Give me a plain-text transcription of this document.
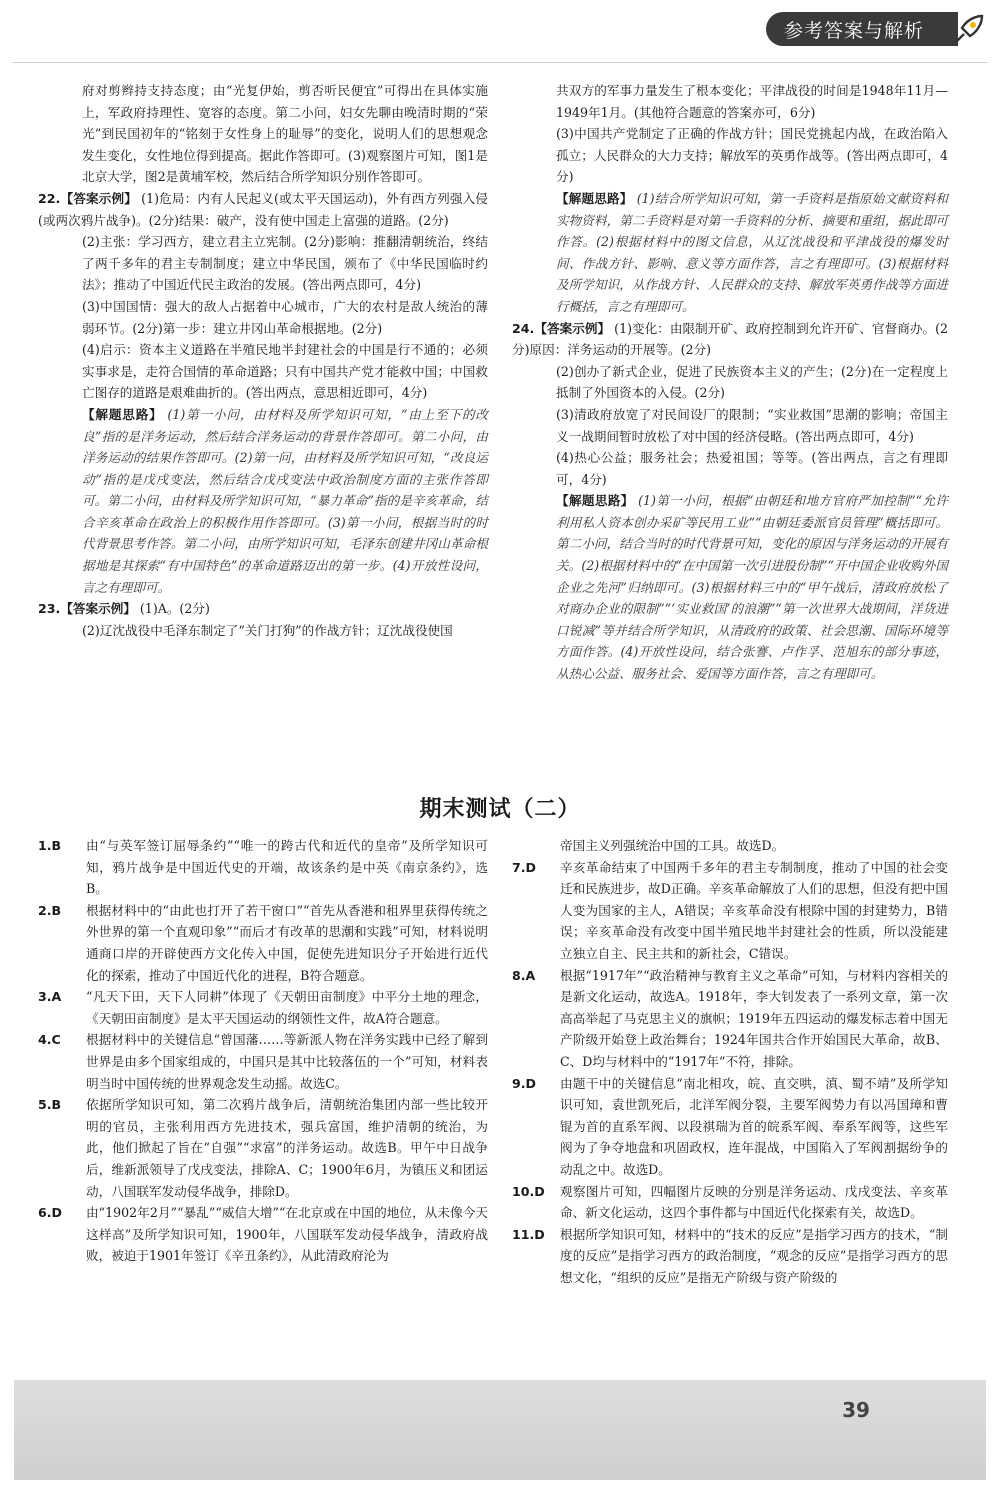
参考答案与解析

府对剪辫持支持态度；由“光复伊始，剪否听民便宜”可得出在具体实施上，军政府持理性、宽容的态度。第二小问，妇女先聊由晚清时期的“荣光”到民国初年的“铭刻于女性身上的耻辱”的变化，说明人们的思想观念发生变化，女性地位得到提高。据此作答即可。(3)观察图片可知，图1是北京大学，图2是黄埔军校，然后结合所学知识分别作答即可。

22.【答案示例】 (1)危局：内有人民起义(或太平天国运动)，外有西方列强入侵(或两次鸦片战争)。(2分)结果：破产，没有使中国走上富强的道路。(2分)

(2)主张：学习西方，建立君主立宪制。(2分)影响：推翻清朝统治，终结了两千多年的君主专制制度；建立中华民国，颁布了《中华民国临时约法》；推动了中国近代民主政治的发展。(答出两点即可，4分)

(3)中国国情：强大的敌人占据着中心城市，广大的农村是敌人统治的薄弱环节。(2分)第一步：建立井冈山革命根据地。(2分)

(4)启示：资本主义道路在半殖民地半封建社会的中国是行不通的；必须实事求是，走符合国情的革命道路；只有中国共产党才能救中国；中国救亡图存的道路是艰难曲折的。(答出两点，意思相近即可，4分)

【解题思路】 (1)第一小问，由材料及所学知识可知，“由上至下的改良”指的是洋务运动，然后结合洋务运动的背景作答即可。第二小问，由洋务运动的结果作答即可。(2)第一问，由材料及所学知识可知，“改良运动”指的是戊戌变法，然后结合戊戌变法中政治制度方面的主张作答即可。第二小问，由材料及所学知识可知，“暴力革命”指的是辛亥革命，结合辛亥革命在政治上的积极作用作答即可。(3)第一小问，根据当时的时代背景思考作答。第二小问，由所学知识可知，毛泽东创建井冈山革命根据地是其探索“有中国特色”的革命道路迈出的第一步。(4)开放性设问，言之有理即可。

23.【答案示例】 (1)A。(2分)

(2)辽沈战役中毛泽东制定了“关门打狗”的作战方针；辽沈战役使国

共双方的军事力量发生了根本变化；平津战役的时间是1948年11月—1949年1月。(其他符合题意的答案亦可，6分)

(3)中国共产党制定了正确的作战方针；国民党挑起内战，在政治陷入孤立；人民群众的大力支持；解放军的英勇作战等。(答出两点即可，4分)

【解题思路】 (1)结合所学知识可知，第一手资料是指原始文献资料和实物资料，第二手资料是对第一手资料的分析、摘要和重组，据此即可作答。(2)根据材料中的图文信息，从辽沈战役和平津战役的爆发时间、作战方针、影响、意义等方面作答，言之有理即可。(3)根据材料及所学知识，从作战方针、人民群众的支持、解放军英勇作战等方面进行概括，言之有理即可。

24.【答案示例】 (1)变化：由限制开矿、政府控制到允许开矿、官督商办。(2分)原因：洋务运动的开展等。(2分)

(2)创办了新式企业，促进了民族资本主义的产生；(2分)在一定程度上抵制了外国资本的入侵。(2分)

(3)清政府放宽了对民间设厂的限制；“实业救国”思潮的影响；帝国主义一战期间暂时放松了对中国的经济侵略。(答出两点即可，4分)

(4)热心公益；服务社会；热爱祖国；等等。(答出两点，言之有理即可，4分)

【解题思路】 (1)第一小问，根据“由朝廷和地方官府严加控制”“允许利用私人资本创办采矿等民用工业”“由朝廷委派官员管理”概括即可。第二小问，结合当时的时代背景可知，变化的原因与洋务运动的开展有关。(2)根据材料中的“在中国第一次引进股份制”“开中国企业收购外国企业之先河”归纳即可。(3)根据材料三中的“甲午战后，清政府放松了对商办企业的限制”“‘实业救国’的浪潮”“第一次世界大战期间，洋货进口锐减”等并结合所学知识，从清政府的政策、社会思潮、国际环境等方面作答。(4)开放性设问，结合张謇、卢作孚、范旭东的部分事迹，从热心公益、服务社会、爱国等方面作答，言之有理即可。

期末测试（二）
1.B	由“与英军签订屈辱条约”“唯一的跨古代和近代的皇帝”及所学知识可知，鸦片战争是中国近代史的开端，故该条约是中英《南京条约》，选B。
2.B	根据材料中的“由此也打开了若干窗口”“首先从香港和租界里获得传统之外世界的第一个直观印象”“而后才有改革的思潮和实践”可知，材料说明通商口岸的开辟使西方文化传入中国，促使先进知识分子开始进行近代化的探索，推动了中国近代化的进程，B符合题意。
3.A	“凡天下田，天下人同耕”体现了《天朝田亩制度》中平分土地的理念，《天朝田亩制度》是太平天国运动的纲领性文件，故A符合题意。
4.C	根据材料中的关键信息“曾国藩……等新派人物在洋务实践中已经了解到世界是由多个国家组成的，中国只是其中比较落伍的一个”可知，材料表明当时中国传统的世界观念发生动摇。故选C。
5.B	依据所学知识可知，第二次鸦片战争后，清朝统治集团内部一些比较开明的官员，主张利用西方先进技术，强兵富国，维护清朝的统治，为此，他们掀起了旨在“自强”“求富”的洋务运动。故选B。甲午中日战争后，维新派领导了戊戌变法，排除A、C；1900年6月，为镇压义和团运动，八国联军发动侵华战争，排除D。
6.D	由“1902年2月”“暴乱”“威信大增”“在北京或在中国的地位，从未像今天这样高”及所学知识可知，1900年，八国联军发动侵华战争，清政府战败，被迫于1901年签订《辛丑条约》，从此清政府沦为
帝国主义列强统治中国的工具。故选D。
7.D	辛亥革命结束了中国两千多年的君主专制制度，推动了中国的社会变迁和民族进步，故D正确。辛亥革命解放了人们的思想，但没有把中国人变为国家的主人，A错误；辛亥革命没有根除中国的封建势力，B错误；辛亥革命没有改变中国半殖民地半封建社会的性质，所以没能建立独立自主、民主共和的新社会，C错误。
8.A	根据“1917年”“政治精神与教育主义之革命”可知，与材料内容相关的是新文化运动，故选A。1918年，李大钊发表了一系列文章，第一次高高举起了马克思主义的旗帜；1919年五四运动的爆发标志着中国无产阶级开始登上政治舞台；1924年国共合作开始国民大革命，故B、C、D均与材料中的“1917年”不符，排除。
9.D	由题干中的关键信息“南北相攻，皖、直交哄，滇、蜀不靖”及所学知识可知，袁世凯死后，北洋军阀分裂，主要军阀势力有以冯国璋和曹锟为首的直系军阀、以段祺瑞为首的皖系军阀、奉系军阀等，这些军阀为了争夺地盘和巩固政权，连年混战，中国陷入了军阀割据纷争的动乱之中。故选D。
10.D	观察图片可知，四幅图片反映的分别是洋务运动、戊戌变法、辛亥革命、新文化运动，这四个事件都与中国近代化探索有关，故选D。
11.D	根据所学知识可知，材料中的“技术的反应”是指学习西方的技术，“制度的反应”是指学习西方的政治制度，“观念的反应”是指学习西方的思想文化，“组织的反应”是指无产阶级与资产阶级的
39
